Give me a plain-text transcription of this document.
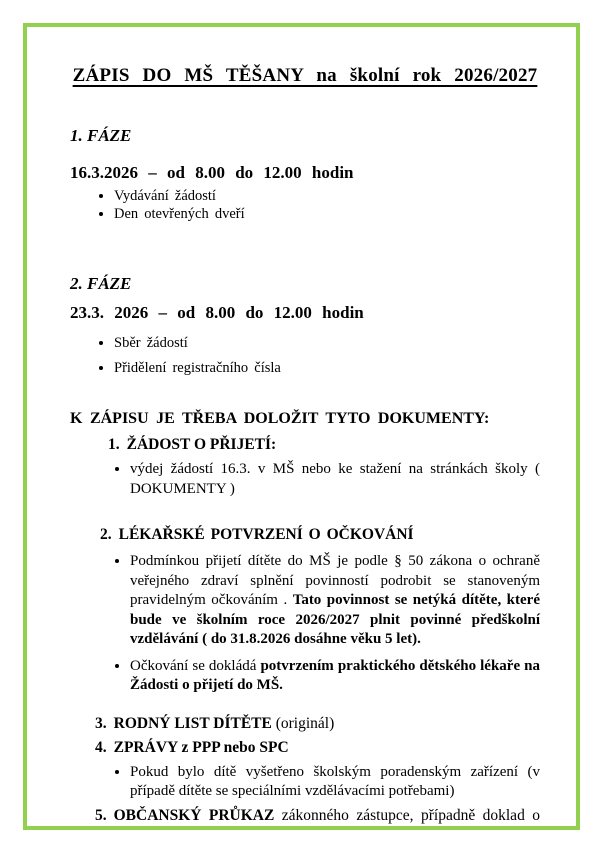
ZÁPIS DO MŠ TĚŠANY na školní rok 2026/2027
1. FÁZE

16.3.2026 – od 8.00 do 12.00 hodin

• Vydávání žádostí
• Den otevřených dveří
2. FÁZE

23.3. 2026 – od 8.00 do 12.00 hodin

• Sběr žádostí
• Přidělení registračního čísla
K ZÁPISU JE TŘEBA DOLOŽIT TYTO DOKUMENTY:

1. ŽÁDOST O PŘIJETÍ:

• výdej žádostí 16.3. v MŠ nebo ke stažení na stránkách školy ( DOKUMENTY )

2. LÉKAŘSKÉ POTVRZENÍ O OČKOVÁNÍ

• Podmínkou přijetí dítěte do MŠ je podle § 50 zákona o ochraně veřejného zdraví splnění povinností podrobit se stanoveným pravidelným očkováním . Tato povinnost se netýká dítěte, které bude ve školním roce 2026/2027 plnit povinné předškolní vzdělávání ( do 31.8.2026 dosáhne věku 5 let).
• Očkování se dokládá potvrzením praktického dětského lékaře na Žádosti o přijetí do MŠ.

3. RODNÝ LIST DÍTĚTE (originál)

4. ZPRÁVY z PPP nebo SPC

• Pokud bylo dítě vyšetřeno školským poradenským zařízení (v případě dítěte se speciálními vzdělávacími potřebami)

5. OBČANSKÝ PRŮKAZ zákonného zástupce, případně doklad o
